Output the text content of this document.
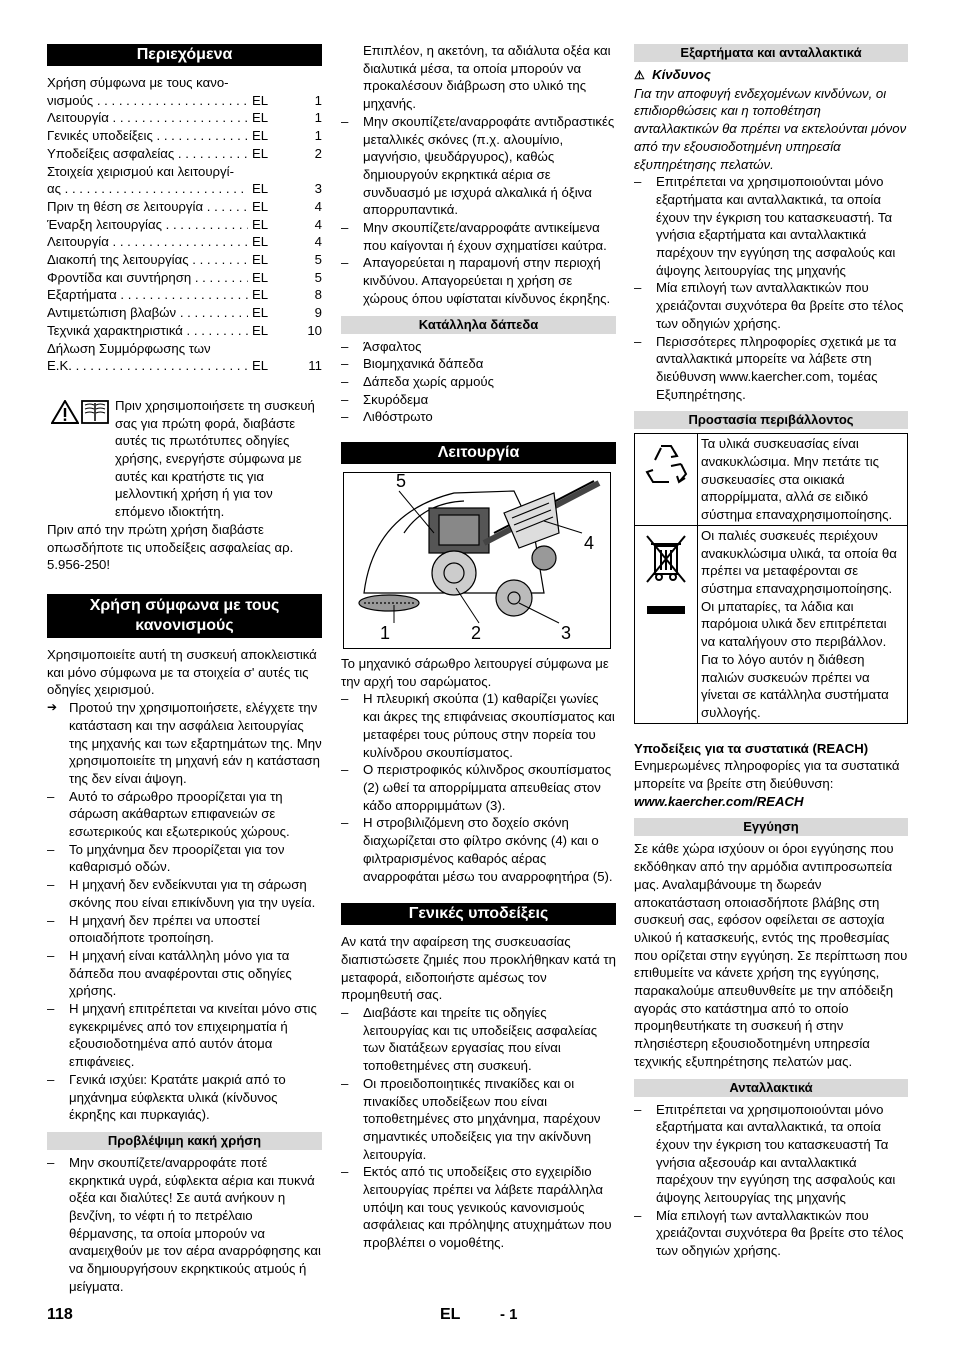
Περιεχόμενα

Χρήση σύμφωνα με τους κανο-

νισμούς . . .	EL	1
Λειτουργία . . .	EL	1
Γενικές υποδείξεις . . .	EL	1
Υποδείξεις ασφαλείας . . .	EL	2

Στοιχεία χειρισμού και λειτουργί-

ας . . .	EL	3
Πριν τη θέση σε λειτουργία . . .	EL	4
Έναρξη λειτουργίας . . .	EL	4
Λειτουργία . . .	EL	4
Διακοπή της λειτουργίας . . .	EL	5
Φροντίδα και συντήρηση . . .	EL	5
Εξαρτήματα . . .	EL	8
Αντιμετώπιση βλαβών . . .	EL	9
Τεχνικά χαρακτηριστικά . . .	EL	10

Δήλωση Συμμόρφωσης των

Ε.Κ. . . .	EL	11

Πριν χρησιμοποιήσετε τη συσκευή σας για πρώτη φορά, διαβάστε αυτές τις πρωτότυπες οδηγίες χρήσης, ενεργήστε σύμφωνα με αυτές και κρατήστε τις για μελλοντική χρήση ή για τον επόμενο ιδιοκτήτη.

Πριν από την πρώτη χρήση διαβάστε οπωσδήποτε τις υποδείξεις ασφαλείας αρ. 5.956-250!

Χρήση σύμφωνα με τους κανονισμούς

Χρησιμοποιείτε αυτή τη συσκευή αποκλειστικά και μόνο σύμφωνα με τα στοιχεία σ' αυτές τις οδηγίες χειρισμού.

➔ Προτού την χρησιμοποιήσετε, ελέγχετε την κατάσταση και την ασφάλεια λειτουργίας της μηχανής και των εξαρτημάτων της. Μην χρησιμοποιείτε τη μηχανή εάν η κατάσταση της δεν είναι άψογη.

– Αυτό το σάρωθρο προορίζεται για τη σάρωση ακάθαρτων επιφανειών σε εσωτερικούς και εξωτερικούς χώρους.

– Το μηχάνημα δεν προορίζεται για τον καθαρισμό οδών.

– Η μηχανή δεν ενδείκνυται για τη σάρωση σκόνης που είναι επικίνδυνη για την υγεία.

– Η μηχανή δεν πρέπει να υποστεί οποιαδήποτε τροποίηση.

– Η μηχανή είναι κατάλληλη μόνο για τα δάπεδα που αναφέρονται στις οδηγίες χρήσης.

– Η μηχανή επιτρέπεται να κινείται μόνο στις εγκεκριμένες από τον επιχειρηματία ή εξουσιοδοτημένα από αυτόν άτομα επιφάνειες.

– Γενικά ισχύει: Κρατάτε μακριά από το μηχάνημα εύφλεκτα υλικά (κίνδυνος έκρηξης και πυρκαγιάς).

Προβλέψιμη κακή χρήση

– Μην σκουπίζετε/αναρροφάτε ποτέ εκρηκτικά υγρά, εύφλεκτα αέρια και πυκνά οξέα και διαλύτες! Σε αυτά ανήκουν η βενζίνη, το νέφτι ή το πετρέλαιο θέρμανσης, τα οποία μπορούν να αναμειχθούν με τον αέρα αναρρόφησης και να δημιουργήσουν εκρηκτικούς ατμούς ή μείγματα.

Επιπλέον, η ακετόνη, τα αδιάλυτα οξέα και διαλυτικά μέσα, τα οποία μπορούν να προκαλέσουν διάβρωση στο υλικό της μηχανής.

– Μην σκουπίζετε/αναρροφάτε αντιδραστικές μεταλλικές σκόνες (π.χ. αλουμίνιο, μαγνήσιο, ψευδάργυρος), καθώς δημιουργούν εκρηκτικά αέρια σε συνδυασμό με ισχυρά αλκαλικά ή όξινα απορρυπαντικά.

– Μην σκουπίζετε/αναρροφάτε αντικείμενα που καίγονται ή έχουν σχηματίσει καύτρα.

– Απαγορεύεται η παραμονή στην περιοχή κινδύνου. Απαγορεύεται η χρήση σε χώρους όπου υφίσταται κίνδυνος έκρηξης.

Κατάλληλα δάπεδα

– Άσφαλτος

– Βιομηχανικά δάπεδα

– Δάπεδα χωρίς αρμούς

– Σκυρόδεμα

– Λιθόστρωτο

Λειτουργία
5
4
1	2	3

Το μηχανικό σάρωθρο λειτουργεί σύμφωνα με την αρχή του σαρώματος.

– Η πλευρική σκούπα (1) καθαρίζει γωνίες και άκρες της επιφάνειας σκουπίσματος και μεταφέρει τους ρύπους στην πορεία του κυλίνδρου σκουπίσματος.

– Ο περιστροφικός κύλινδρος σκουπίσματος (2) ωθεί τα απορρίμματα απευθείας στον κάδο απορριμμάτων (3).

– Η στροβιλιζόμενη στο δοχείο σκόνη διαχωρίζεται στο φίλτρο σκόνης (4) και ο φιλτραρισμένος καθαρός αέρας αναρροφάται μέσω του αναρροφητήρα (5).

Γενικές υποδείξεις

Αν κατά την αφαίρεση της συσκευασίας διαπιστώσετε ζημιές που προκλήθηκαν κατά τη μεταφορά, ειδοποιήστε αμέσως τον προμηθευτή σας.

– Διαβάστε και τηρείτε τις οδηγίες λειτουργίας και τις υποδείξεις ασφαλείας των διατάξεων εργασίας που είναι τοποθετημένες στη συσκευή.

– Οι προειδοποιητικές πινακίδες και οι πινακίδες υποδείξεων που είναι τοποθετημένες στο μηχάνημα, παρέχουν σημαντικές υποδείξεις για την ακίνδυνη λειτουργία.

– Εκτός από τις υποδείξεις στο εγχειρίδιο λειτουργίας πρέπει να λάβετε παράλληλα υπόψη και τους γενικούς κανονισμούς ασφάλειας και πρόληψης ατυχημάτων που προβλέπει ο νομοθέτης.

Εξαρτήματα και ανταλλακτικά

⚠ Κίνδυνος

Για την αποφυγή ενδεχομένων κινδύνων, οι επιδιορθώσεις και η τοποθέτηση ανταλλακτικών θα πρέπει να εκτελούνται μόνον από την εξουσιοδοτημένη υπηρεσία εξυπηρέτησης πελατών.

– Επιτρέπεται να χρησιμοποιούνται μόνο εξαρτήματα και ανταλλακτικά, τα οποία έχουν την έγκριση του κατασκευαστή. Τα γνήσια εξαρτήματα και ανταλλακτικά παρέχουν την εγγύηση της ασφαλούς και άψογης λειτουργίας της μηχανής

– Μία επιλογή των ανταλλακτικών που χρειάζονται συχνότερα θα βρείτε στο τέλος των οδηγιών χρήσης.

– Περισσότερες πληροφορίες σχετικά με τα ανταλλακτικά μπορείτε να λάβετε στη διεύθυνση www.kaercher.com, τομέας Εξυπηρέτησης.

Προστασία περιβάλλοντος
	Τα υλικά συσκευασίας είναι ανακυκλώσιμα. Μην πετάτε τις συσκευασίες στα οικιακά απορρίμματα, αλλά σε ειδικό σύστημα επαναχρησιμοποίησης.
	Οι παλιές συσκευές περιέχουν ανακυκλώσιμα υλικά, τα οποία θα πρέπει να μεταφέρονται σε σύστημα επαναχρησιμοποίησης. Οι μπαταρίες, τα λάδια και παρόμοια υλικά δεν επιτρέπεται να καταλήγουν στο περιβάλλον. Για το λόγο αυτόν η διάθεση παλιών συσκευών πρέπει να γίνεται σε κατάλληλα συστήματα συλλογής.

Υποδείξεις για τα συστατικά (REACH)

Ενημερωμένες πληροφορίες για τα συστατικά μπορείτε να βρείτε στη διεύθυνση:

www.kaercher.com/REACH

Εγγύηση

Σε κάθε χώρα ισχύουν οι όροι εγγύησης που εκδόθηκαν από την αρμόδια αντιπροσωπεία μας. Αναλαμβάνουμε τη δωρεάν αποκατάσταση οποιασδήποτε βλάβης στη συσκευή σας, εφόσον οφείλεται σε αστοχία υλικού ή κατασκευής, εντός της προθεσμίας που ορίζεται στην εγγύηση. Σε περίπτωση που επιθυμείτε να κάνετε χρήση της εγγύησης, παρακαλούμε απευθυνθείτε με την απόδειξη αγοράς στο κατάστημα από το οποίο προμηθευτήκατε τη συσκευή ή στην πλησιέστερη εξουσιοδοτημένη υπηρεσία τεχνικής εξυπηρέτησης πελατών μας.

Ανταλλακτικά

– Επιτρέπεται να χρησιμοποιούνται μόνο εξαρτήματα και ανταλλακτικά, τα οποία έχουν την έγκριση του κατασκευαστή Τα γνήσια αξεσουάρ και ανταλλακτικά παρέχουν την εγγύηση της ασφαλούς και άψογης λειτουργίας της μηχανής

– Μία επιλογή των ανταλλακτικών που χρειάζονται συχνότερα θα βρείτε στο τέλος των οδηγιών χρήσης.

118	EL	- 1
